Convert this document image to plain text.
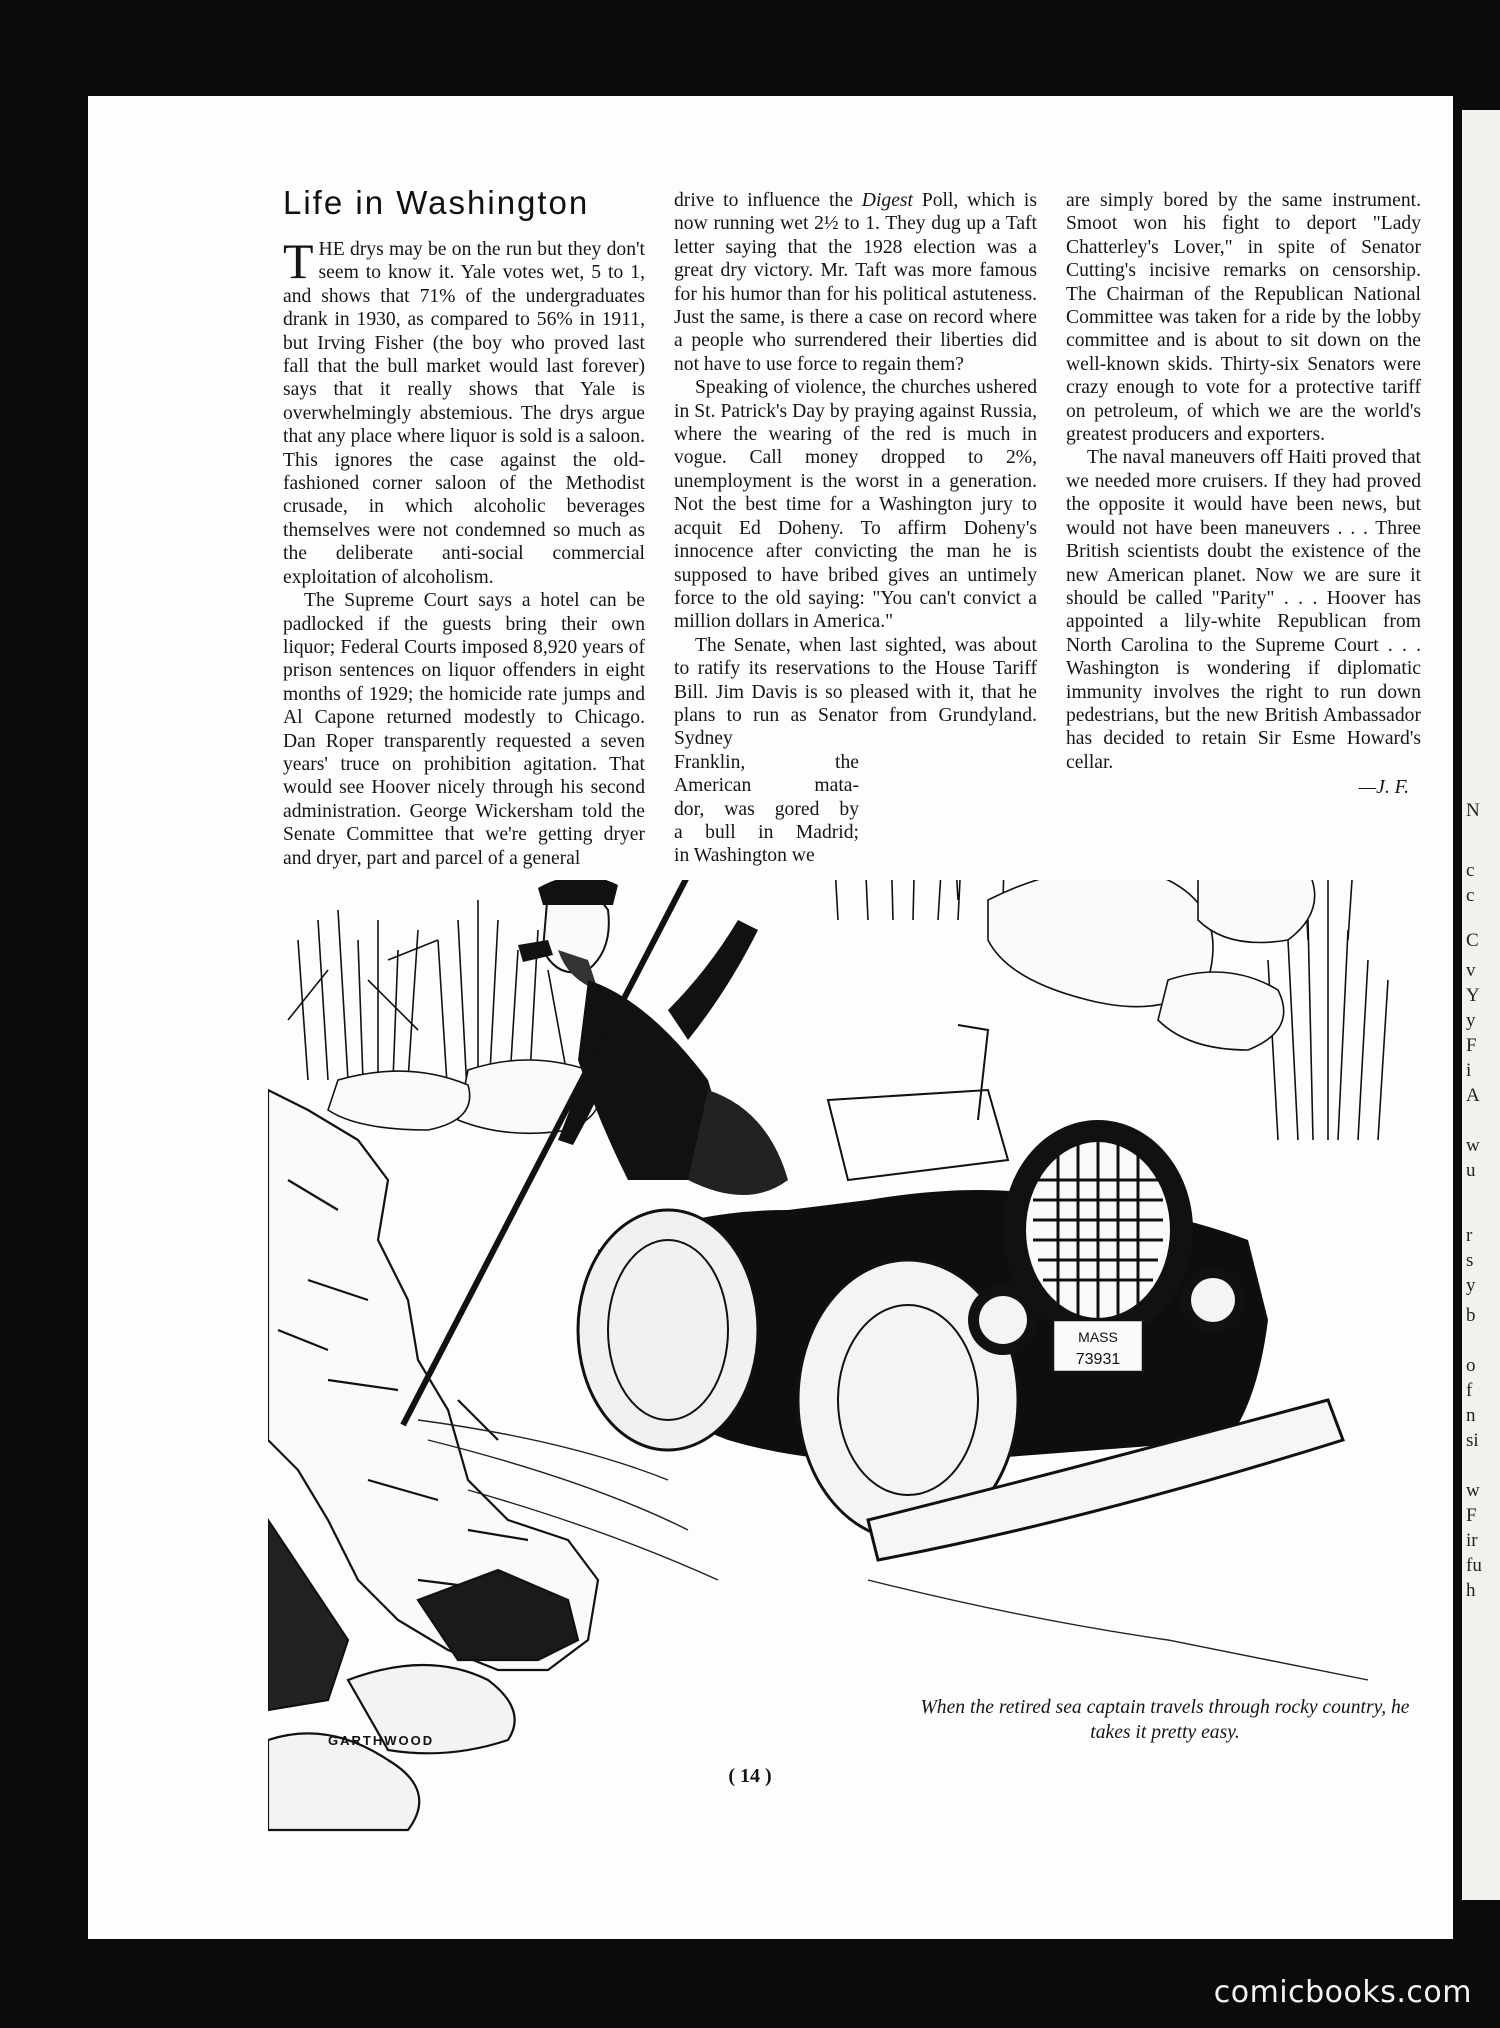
N
c
c
C
v
Y
y
F
i
A
w
u
r
s
y
b
o
f
n
si
w
F
ir
fu
h
Life in Washington

THE drys may be on the run but they don't seem to know it. Yale votes wet, 5 to 1, and shows that 71% of the undergraduates drank in 1930, as compared to 56% in 1911, but Irving Fisher (the boy who proved last fall that the bull market would last forever) says that it really shows that Yale is overwhelmingly abstemious. The drys argue that any place where liquor is sold is a saloon. This ignores the case against the old-fashioned corner saloon of the Methodist crusade, in which alcoholic beverages themselves were not condemned so much as the deliberate anti-social commercial exploitation of alcoholism.

The Supreme Court says a hotel can be padlocked if the guests bring their own liquor; Federal Courts imposed 8,920 years of prison sentences on liquor offenders in eight months of 1929; the homicide rate jumps and Al Capone returned modestly to Chicago. Dan Roper transparently requested a seven years' truce on prohibition agitation. That would see Hoover nicely through his second administration. George Wickersham told the Senate Committee that we're getting dryer and dryer, part and parcel of a general

drive to influence the Digest Poll, which is now running wet 2½ to 1. They dug up a Taft letter saying that the 1928 election was a great dry victory. Mr. Taft was more famous for his humor than for his political astuteness. Just the same, is there a case on record where a people who surrendered their liberties did not have to use force to regain them?

Speaking of violence, the churches ushered in St. Patrick's Day by praying against Russia, where the wearing of the red is much in vogue. Call money dropped to 2%, unemployment is the worst in a generation. Not the best time for a Washington jury to acquit Ed Doheny. To affirm Doheny's innocence after convicting the man he is supposed to have bribed gives an untimely force to the old saying: "You can't convict a million dollars in America."

The Senate, when last sighted, was about to ratify its reservations to the House Tariff Bill. Jim Davis is so pleased with it, that he plans to run as Senator from Grundyland. Sydney

Franklin, the

American mata-

dor, was gored by

a bull in Madrid;

in Washington we

are simply bored by the same instrument. Smoot won his fight to deport "Lady Chatterley's Lover," in spite of Senator Cutting's incisive remarks on censorship. The Chairman of the Republican National Committee was taken for a ride by the lobby committee and is about to sit down on the well-known skids. Thirty-six Senators were crazy enough to vote for a protective tariff on petroleum, of which we are the world's greatest producers and exporters.

The naval maneuvers off Haiti proved that we needed more cruisers. If they had proved the opposite it would have been news, but would not have been maneuvers . . . Three British scientists doubt the existence of the new American planet. Now we are sure it should be called "Parity" . . . Hoover has appointed a lily-white Republican from North Carolina to the Supreme Court . . . Washington is wondering if diplomatic immunity involves the right to run down pedestrians, but the new British Ambassador has decided to retain Sir Esme Howard's cellar.

—J. F.

MASS
73931
GARTHWOOD
When the retired sea captain travels through rocky country, he takes it pretty easy.
( 14 )
comicbooks.com
